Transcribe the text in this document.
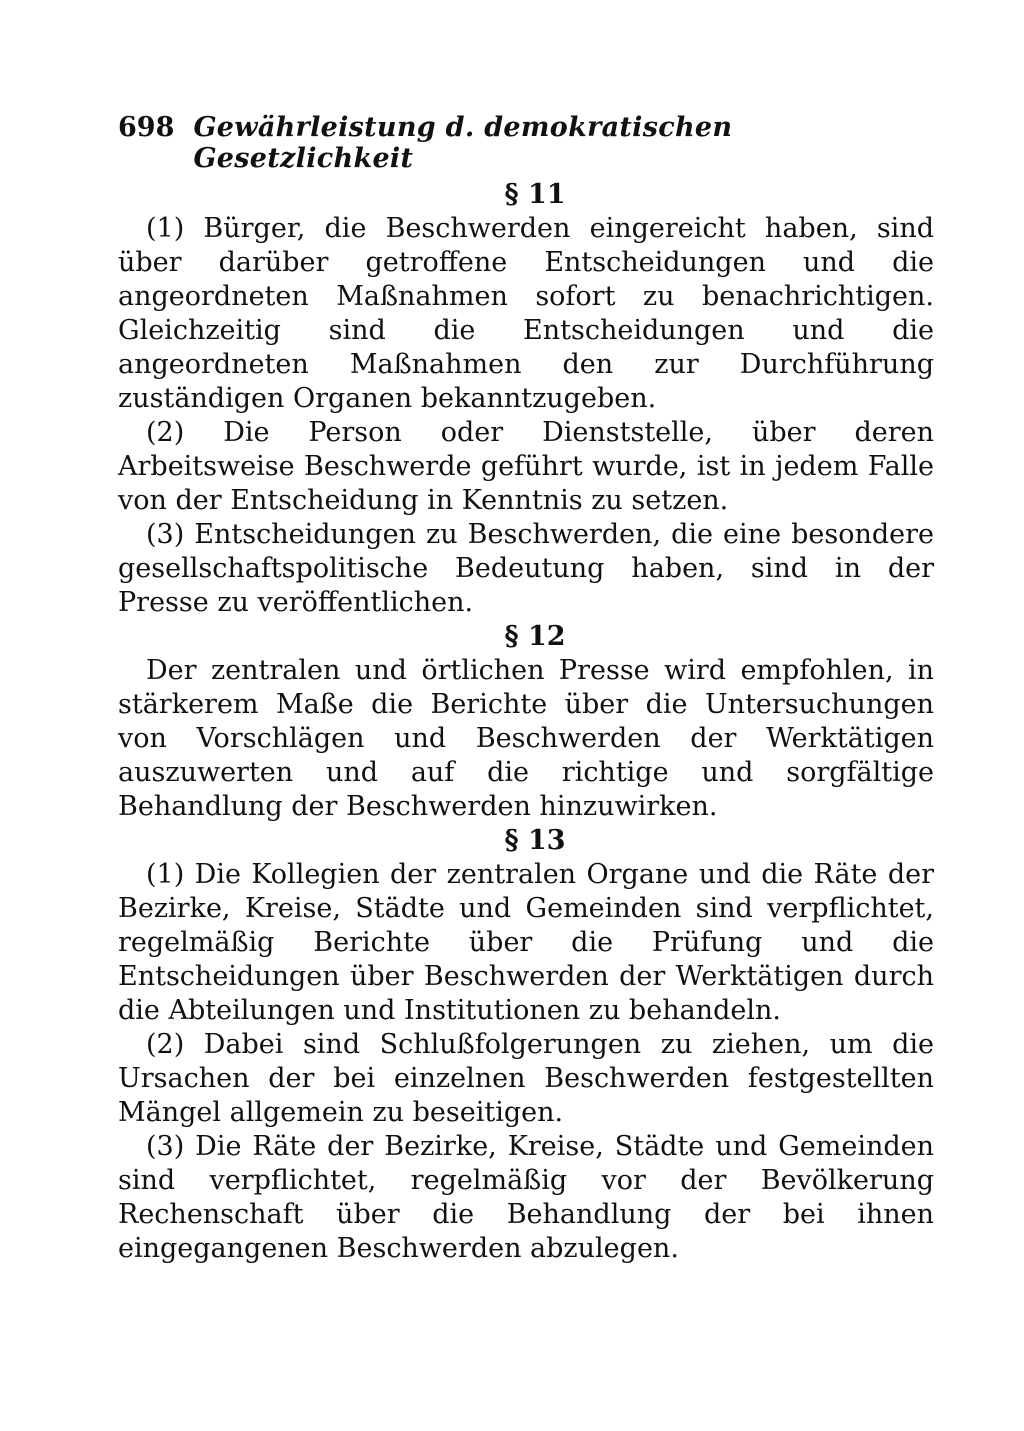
698 Gewährleistung d. demokratischen Gesetzlichkeit
§ 11

(1) Bürger, die Beschwerden eingereicht haben, sind über darüber getroffene Entscheidungen und die angeordneten Maßnahmen sofort zu benachrichtigen. Gleichzeitig sind die Entscheidungen und die angeordneten Maßnahmen den zur Durchführung zuständigen Organen bekanntzugeben.

(2) Die Person oder Dienststelle, über deren Arbeitsweise Beschwerde geführt wurde, ist in jedem Falle von der Entscheidung in Kenntnis zu setzen.

(3) Entscheidungen zu Beschwerden, die eine besondere gesellschaftspolitische Bedeutung haben, sind in der Presse zu veröffentlichen.

§ 12

Der zentralen und örtlichen Presse wird empfohlen, in stärkerem Maße die Berichte über die Untersuchungen von Vorschlägen und Beschwerden der Werktätigen auszuwerten und auf die richtige und sorgfältige Behandlung der Beschwerden hinzuwirken.

§ 13

(1) Die Kollegien der zentralen Organe und die Räte der Bezirke, Kreise, Städte und Gemeinden sind verpflichtet, regelmäßig Berichte über die Prüfung und die Entscheidungen über Beschwerden der Werktätigen durch die Abteilungen und Institutionen zu behandeln.

(2) Dabei sind Schlußfolgerungen zu ziehen, um die Ursachen der bei einzelnen Beschwerden festgestellten Mängel allgemein zu beseitigen.

(3) Die Räte der Bezirke, Kreise, Städte und Gemeinden sind verpflichtet, regelmäßig vor der Bevölkerung Rechenschaft über die Behandlung der bei ihnen eingegangenen Beschwerden abzulegen.
